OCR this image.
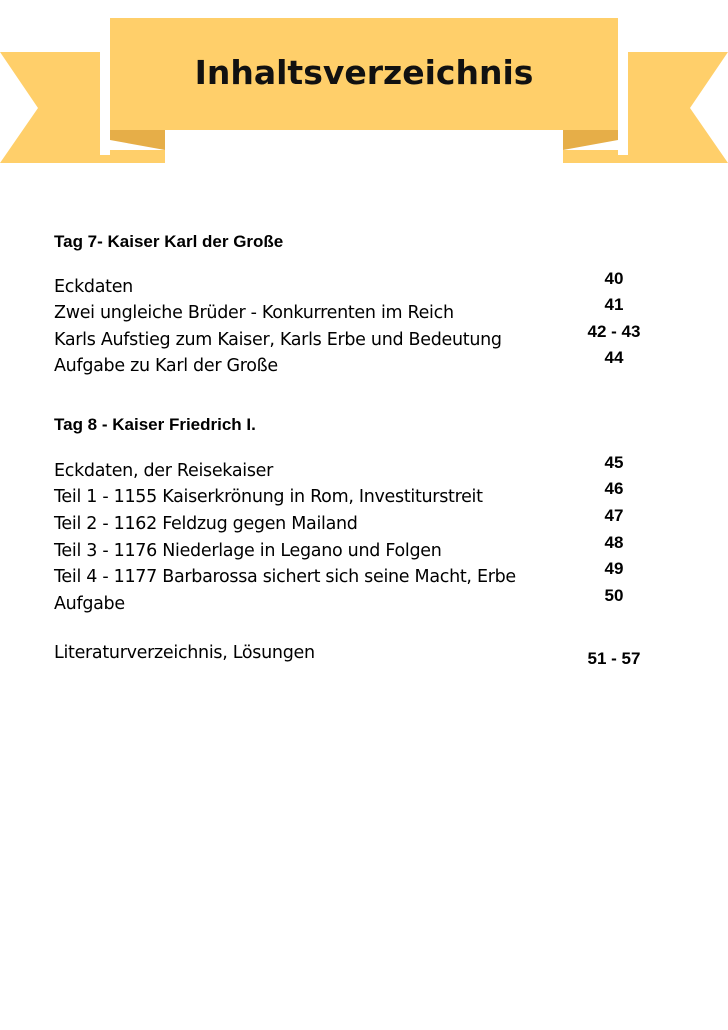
Inhaltsverzeichnis
Tag 7- Kaiser Karl der Große
Eckdaten	40
Zwei ungleiche Brüder - Konkurrenten im Reich	41
Karls Aufstieg zum Kaiser, Karls Erbe und Bedeutung	42 - 43
Aufgabe zu Karl der Große	44
Tag 8 - Kaiser Friedrich I.
Eckdaten, der Reisekaiser	45
Teil 1 - 1155 Kaiserkrönung in Rom, Investiturstreit	46
Teil 2 - 1162 Feldzug gegen Mailand	47
Teil 3 - 1176 Niederlage in Legano und Folgen	48
Teil 4 - 1177 Barbarossa sichert sich seine Macht, Erbe	49
Aufgabe	50
Literaturverzeichnis, Lösungen	51 - 57
